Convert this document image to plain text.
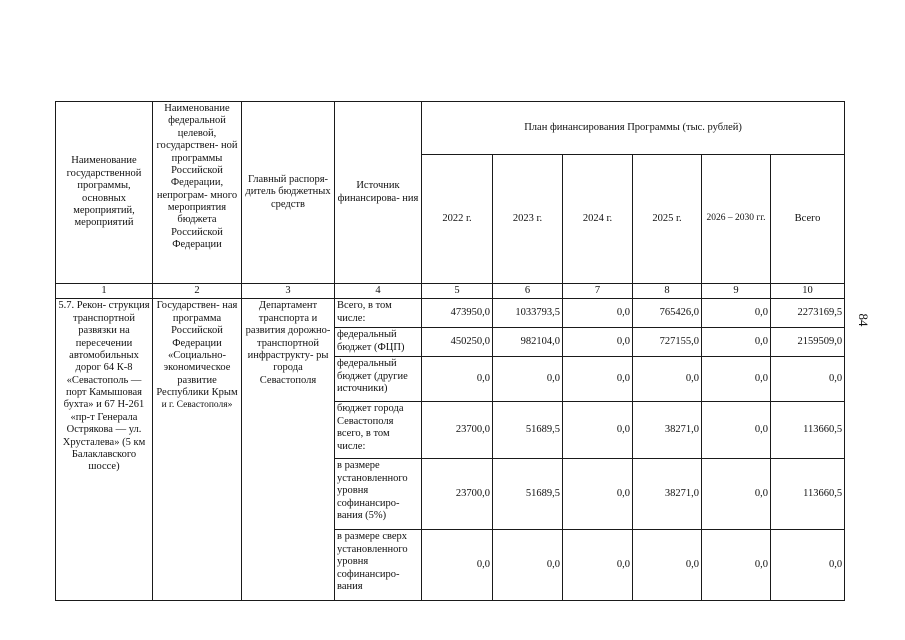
84
Наименование государственной программы, основных мероприятий, мероприятий	Наименование федеральной целевой, государствен- ной программы Российской Федерации, непрограм- много мероприятия бюджета Российской Федерации	Главный распоря- дитель бюджетных средств	Источник финансирова- ния	План финансирования Программы (тыс. рублей)					
				2022 г.	2023 г.	2024 г.	2025 г.	2026 – 2030 гг.	Всего
1	2	3	4	5	6	7	8	9	10
5.7. Рекон- струкция транспортной развязки на пересечении автомобильных дорог 64 К-8 «Севастополь — порт Камышовая бухта» и 67 Н-261 «пр-т Генерала Острякова — ул. Хрусталева» (5 км Балаклавского шоссе)	Государствен- ная программа Российской Федерации «Социально- экономическое развитие Республики Крым
и г. Севастополя»	Департамент транспорта и развития дорожно- транспортной инфраструкту- ры города Севастополя	Всего, в том числе:	473950,0	1033793,5	0,0	765426,0	0,0	2273169,5
			федеральный бюджет (ФЦП)	450250,0	982104,0	0,0	727155,0	0,0	2159509,0
			федеральный бюджет (другие источники)	0,0	0,0	0,0	0,0	0,0	0,0
			бюджет города Севастополя всего, в том числе:	23700,0	51689,5	0,0	38271,0	0,0	113660,5
			в размере установленного уровня софинансиро- вания (5%)	23700,0	51689,5	0,0	38271,0	0,0	113660,5
			в размере сверх установленного уровня софинансиро- вания	0,0	0,0	0,0	0,0	0,0	0,0
